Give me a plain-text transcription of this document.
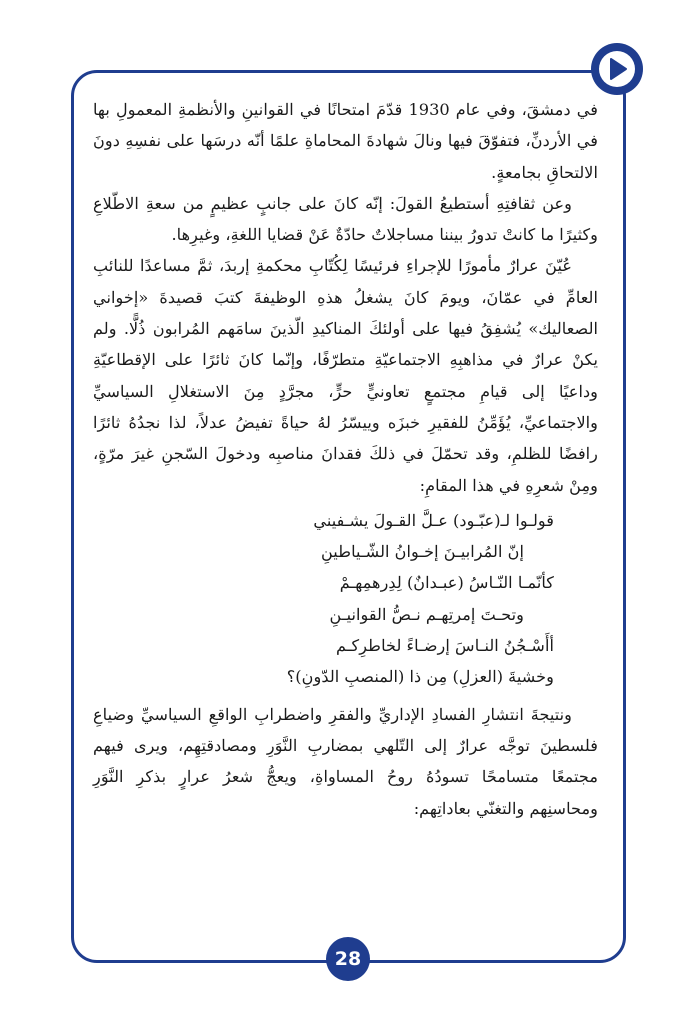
في دمشقَ، وفي عام 1930 قدّمَ امتحانًا في القوانينِ والأنظمةِ المعمولِ بها في الأردنِّ، فتفوّقَ فيها ونالَ شهادةَ المحاماةِ علمًا أنّه درسَها على نفسِهِ دونَ الالتحاقِ بجامعةٍ.

وعن ثقافتِهِ أستطيعُ القولَ: إنّه كانَ على جانبٍ عظيمٍ من سعةِ الاطّلاعِ وكثيرًا ما كانتْ تدورُ بيننا مساجلاتٌ حادّةٌ عَنْ قضايا اللغةِ، وغيرِها.

عُيّنَ عرارٌ مأمورًا للإجراءِ فرئيسًا لِكُتّابِ محكمةِ إربدَ، ثمَّ مساعدًا للنائبِ العامِّ في عمّانَ، ويومَ كانَ يشغلُ هذهِ الوظيفةَ كتبَ قصيدةَ «إخواني الصعاليك» يُشفِقُ فيها على أولئكَ المناكيدِ الّذينَ سامَهم المُرابون ذُلًّا. ولم يكنْ عرارٌ في مذاهبِهِ الاجتماعيّةِ متطرّفًا، وإنّما كانَ ثائرًا على الإقطاعيّةِ وداعيًا إلى قيامِ مجتمعٍ تعاونيٍّ حرٍّ، مجرَّدٍ مِنَ الاستغلالِ السياسيِّ والاجتماعيِّ، يُؤَمِّنُ للفقيرِ خبزَه وييسّرُ لهُ حياةً تفيضُ عدلاً، لذا نجدُهُ ثائرًا رافضًا للظلمِ، وقد تحمّلَ في ذلكَ فقدانَ مناصبِه ودخولَ السّجنِ غيرَ مرّةٍ، ومِنْ شعرِهِ في هذا المقامِ:

قولـوا لـ(عبّـود) عـلَّ القـولَ يشـفيني
إنّ المُرابيـنَ إخـوانُ الشّـياطينِ
كأنّمـا النّـاسُ (عبـدانٌ) لِدِرهمِهـمْ
وتحـتَ إمرتِهـم نـصُّ القوانيـنِ
أأَسْـجُنُ النـاسَ إرضـاءً لخاطرِكـم
وخشيةَ (العزلِ) مِن ذا (المنصبِ الدّونِ)؟

ونتيجةَ انتشارِ الفسادِ الإداريِّ والفقرِ واضطرابِ الواقعِ السياسيِّ وضياعِ فلسطينَ توجَّه عرارٌ إلى التّلهي بمضاربِ النَّوَرِ ومصادقتِهِم، ويرى فيهم مجتمعًا متسامحًا تسودُهُ روحُ المساواةِ، ويعجُّ شعرُ عرارٍ بذكرِ النَّوَرِ ومحاسنِهم والتغنّي بعاداتِهم:

28
